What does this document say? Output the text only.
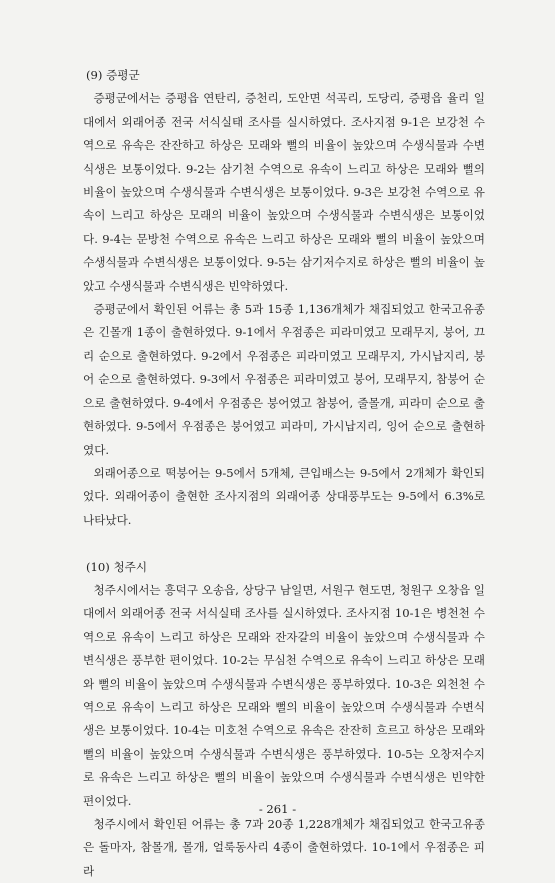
(9) 증평군

증평군에서는 증평읍 연탄리, 증천리, 도안면 석곡리, 도당리, 증평읍 율리 일대에서 외래어종 전국 서식실태 조사를 실시하였다. 조사지점 9-1은 보강천 수역으로 유속은 잔잔하고 하상은 모래와 뻘의 비율이 높았으며 수생식물과 수변식생은 보통이었다. 9-2는 삼기천 수역으로 유속이 느리고 하상은 모래와 뻘의 비율이 높았으며 수생식물과 수변식생은 보통이었다. 9-3은 보강천 수역으로 유속이 느리고 하상은 모래의 비율이 높았으며 수생식물과 수변식생은 보통이었다. 9-4는 문방천 수역으로 유속은 느리고 하상은 모래와 뻘의 비율이 높았으며 수생식물과 수변식생은 보통이었다. 9-5는 삼기저수지로 하상은 뻘의 비율이 높았고 수생식물과 수변식생은 빈약하였다.

증평군에서 확인된 어류는 총 5과 15종 1,136개체가 채집되었고 한국고유종은 긴몰개 1종이 출현하였다. 9-1에서 우점종은 피라미였고 모래무지, 붕어, 끄리 순으로 출현하였다. 9-2에서 우점종은 피라미였고 모래무지, 가시납지리, 붕어 순으로 출현하였다. 9-3에서 우점종은 피라미였고 붕어, 모래무지, 참붕어 순으로 출현하였다. 9-4에서 우점종은 붕어였고 참붕어, 줄몰개, 피라미 순으로 출현하였다. 9-5에서 우점종은 붕어였고 피라미, 가시납지리, 잉어 순으로 출현하였다.

외래어종으로 떡붕어는 9-5에서 5개체, 큰입배스는 9-5에서 2개체가 확인되었다. 외래어종이 출현한 조사지점의 외래어종 상대풍부도는 9-5에서 6.3%로 나타났다.

(10) 청주시

청주시에서는 흥덕구 오송읍, 상당구 남일면, 서원구 현도면, 청원구 오창읍 일대에서 외래어종 전국 서식실태 조사를 실시하였다. 조사지점 10-1은 병천천 수역으로 유속이 느리고 하상은 모래와 잔자갈의 비율이 높았으며 수생식물과 수변식생은 풍부한 편이었다. 10-2는 무심천 수역으로 유속이 느리고 하상은 모래와 뻘의 비율이 높았으며 수생식물과 수변식생은 풍부하였다. 10-3은 외천천 수역으로 유속이 느리고 하상은 모래와 뻘의 비율이 높았으며 수생식물과 수변식생은 보통이었다. 10-4는 미호천 수역으로 유속은 잔잔히 흐르고 하상은 모래와 뻘의 비율이 높았으며 수생식물과 수변식생은 풍부하였다. 10-5는 오창저수지로 유속은 느리고 하상은 뻘의 비율이 높았으며 수생식물과 수변식생은 빈약한 편이었다.

청주시에서 확인된 어류는 총 7과 20종 1,228개체가 채집되었고 한국고유종은 돌마자, 참몰개, 몰개, 얼룩동사리 4종이 출현하였다. 10-1에서 우점종은 피라

- 261 -
